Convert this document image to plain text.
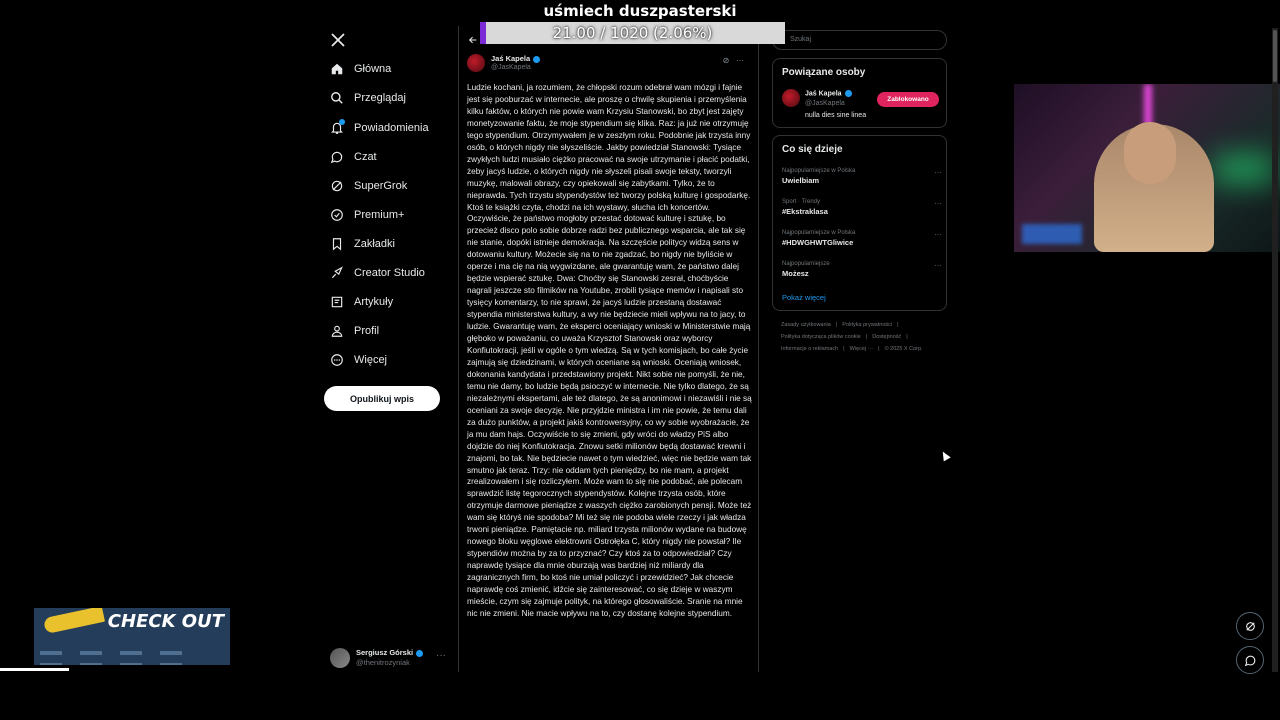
uśmiech duszpasterski
21.00 / 1020 (2.06%)
Główna
Przeglądaj
Powiadomienia
Czat
SuperGrok
Premium+
Zakładki
Creator Studio
Artykuły
Profil
Więcej
Opublikuj wpis
Sergiusz Górski
@thenitrozyniak
···
Jaś Kapela
@JasKapela
⊘ ···
Ludzie kochani, ja rozumiem, że chłopski rozum odebrał wam mózgi i fajnie jest się pooburzać w internecie, ale proszę o chwilę skupienia i przemyślenia kilku faktów, o których nie powie wam Krzysiu Stanowski, bo zbyt jest zajęty monetyzowanie faktu, że moje stypendium się klika. Raz: ja już nie otrzymuję tego stypendium. Otrzymywałem je w zeszłym roku. Podobnie jak trzysta inny osób, o których nigdy nie słyszeliście. Jakby powiedział Stanowski: Tysiące zwykłych ludzi musiało ciężko pracować na swoje utrzymanie i płacić podatki, żeby jacyś ludzie, o których nigdy nie słyszeli pisali swoje teksty, tworzyli muzykę, malowali obrazy, czy opiekowali się zabytkami. Tylko, że to nieprawda. Tych trzystu stypendystów też tworzy polską kulturę i gospodarkę. Ktoś te książki czyta, chodzi na ich wystawy, słucha ich koncertów. Oczywiście, że państwo mogłoby przestać dotować kulturę i sztukę, bo przecież disco polo sobie dobrze radzi bez publicznego wsparcia, ale tak się nie stanie, dopóki istnieje demokracja. Na szczęście politycy widzą sens w dotowaniu kultury. Możecie się na to nie zgadzać, bo nigdy nie byliście w operze i ma cię na nią wygwizdane, ale gwarantuję wam, że państwo dalej będzie wspierać sztukę. Dwa: Choćby się Stanowski zesrał, choćbyście nagrali jeszcze sto filmików na Youtube, zrobili tysiące memów i napisali sto tysięcy komentarzy, to nie sprawi, że jacyś ludzie przestaną dostawać stypendia ministerstwa kultury, a wy nie będziecie mieli wpływu na to jacy, to ludzie. Gwarantuję wam, że eksperci oceniający wnioski w Ministerstwie mają głęboko w poważaniu, co uważa Krzysztof Stanowski oraz wyborcy Konfiutokracji, jeśli w ogóle o tym wiedzą. Są w tych komisjach, bo całe życie zajmują się dziedzinami, w których oceniane są wnioski. Oceniają wniosek, dokonania kandydata i przedstawiony projekt. Nikt sobie nie pomyśli, że nie, temu nie damy, bo ludzie będą psioczyć w internecie. Nie tylko dlatego, że są niezależnymi ekspertami, ale też dlatego, że są anonimowi i niezawiśli i nie są oceniani za swoje decyzję. Nie przyjdzie ministra i im nie powie, że temu dali za dużo punktów, a projekt jakiś kontrowersyjny, co wy sobie wyobrażacie, że ja mu dam hajs. Oczywiście to się zmieni, gdy wróci do władzy PiS albo dojdzie do niej Konfiutokracja. Znowu setki milionów będą dostawać krewni i znajomi, bo tak. Nie będziecie nawet o tym wiedzieć, więc nie będzie wam tak smutno jak teraz. Trzy: nie oddam tych pieniędzy, bo nie mam, a projekt zrealizowałem i się rozliczyłem. Może wam to się nie podobać, ale polecam sprawdzić listę tegorocznych stypendystów. Kolejne trzysta osób, które otrzymuje darmowe pieniądze z waszych ciężko zarobionych pensji. Może też wam się któryś nie spodoba? Mi też się nie podoba wiele rzeczy i jak władza trwoni pieniądze. Pamiętacie np. miliard trzysta milionów wydane na budowę nowego bloku węglowe elektrowni Ostrołęka C, który nigdy nie powstał? Ile stypendiów można by za to przyznać? Czy ktoś za to odpowiedział? Czy naprawdę tysiące dla mnie oburzają was bardziej niż miliardy dla zagranicznych firm, bo ktoś nie umiał policzyć i przewidzieć? Jak chcecie naprawdę coś zmienić, idźcie się zainteresować, co się dzieje w waszym mieście, czym się zajmuje polityk, na którego głosowaliście. Sranie na mnie nic nie zmieni. Nie macie wpływu na to, czy dostanę kolejne stypendium.
Szukaj
Powiązane osoby
Jaś Kapela
@JasKapela
nulla dies sine linea
Zablokowano
Co się dzieje
Najpopularniejsze w Polska
Uwielbiam
···
Sport · Trendy
#Ekstraklasa
···
Najpopularniejsze w Polska
#HDWGHWTGliwice
···
Najpopularniejsze
Możesz
···
Pokaż więcej
Zasady użytkowania | Polityka prywatności |
Polityka dotycząca plików cookie | Dostępność |
Informacje o reklamach | Więcej ··· | © 2025 X Corp.
CHECK OUT
